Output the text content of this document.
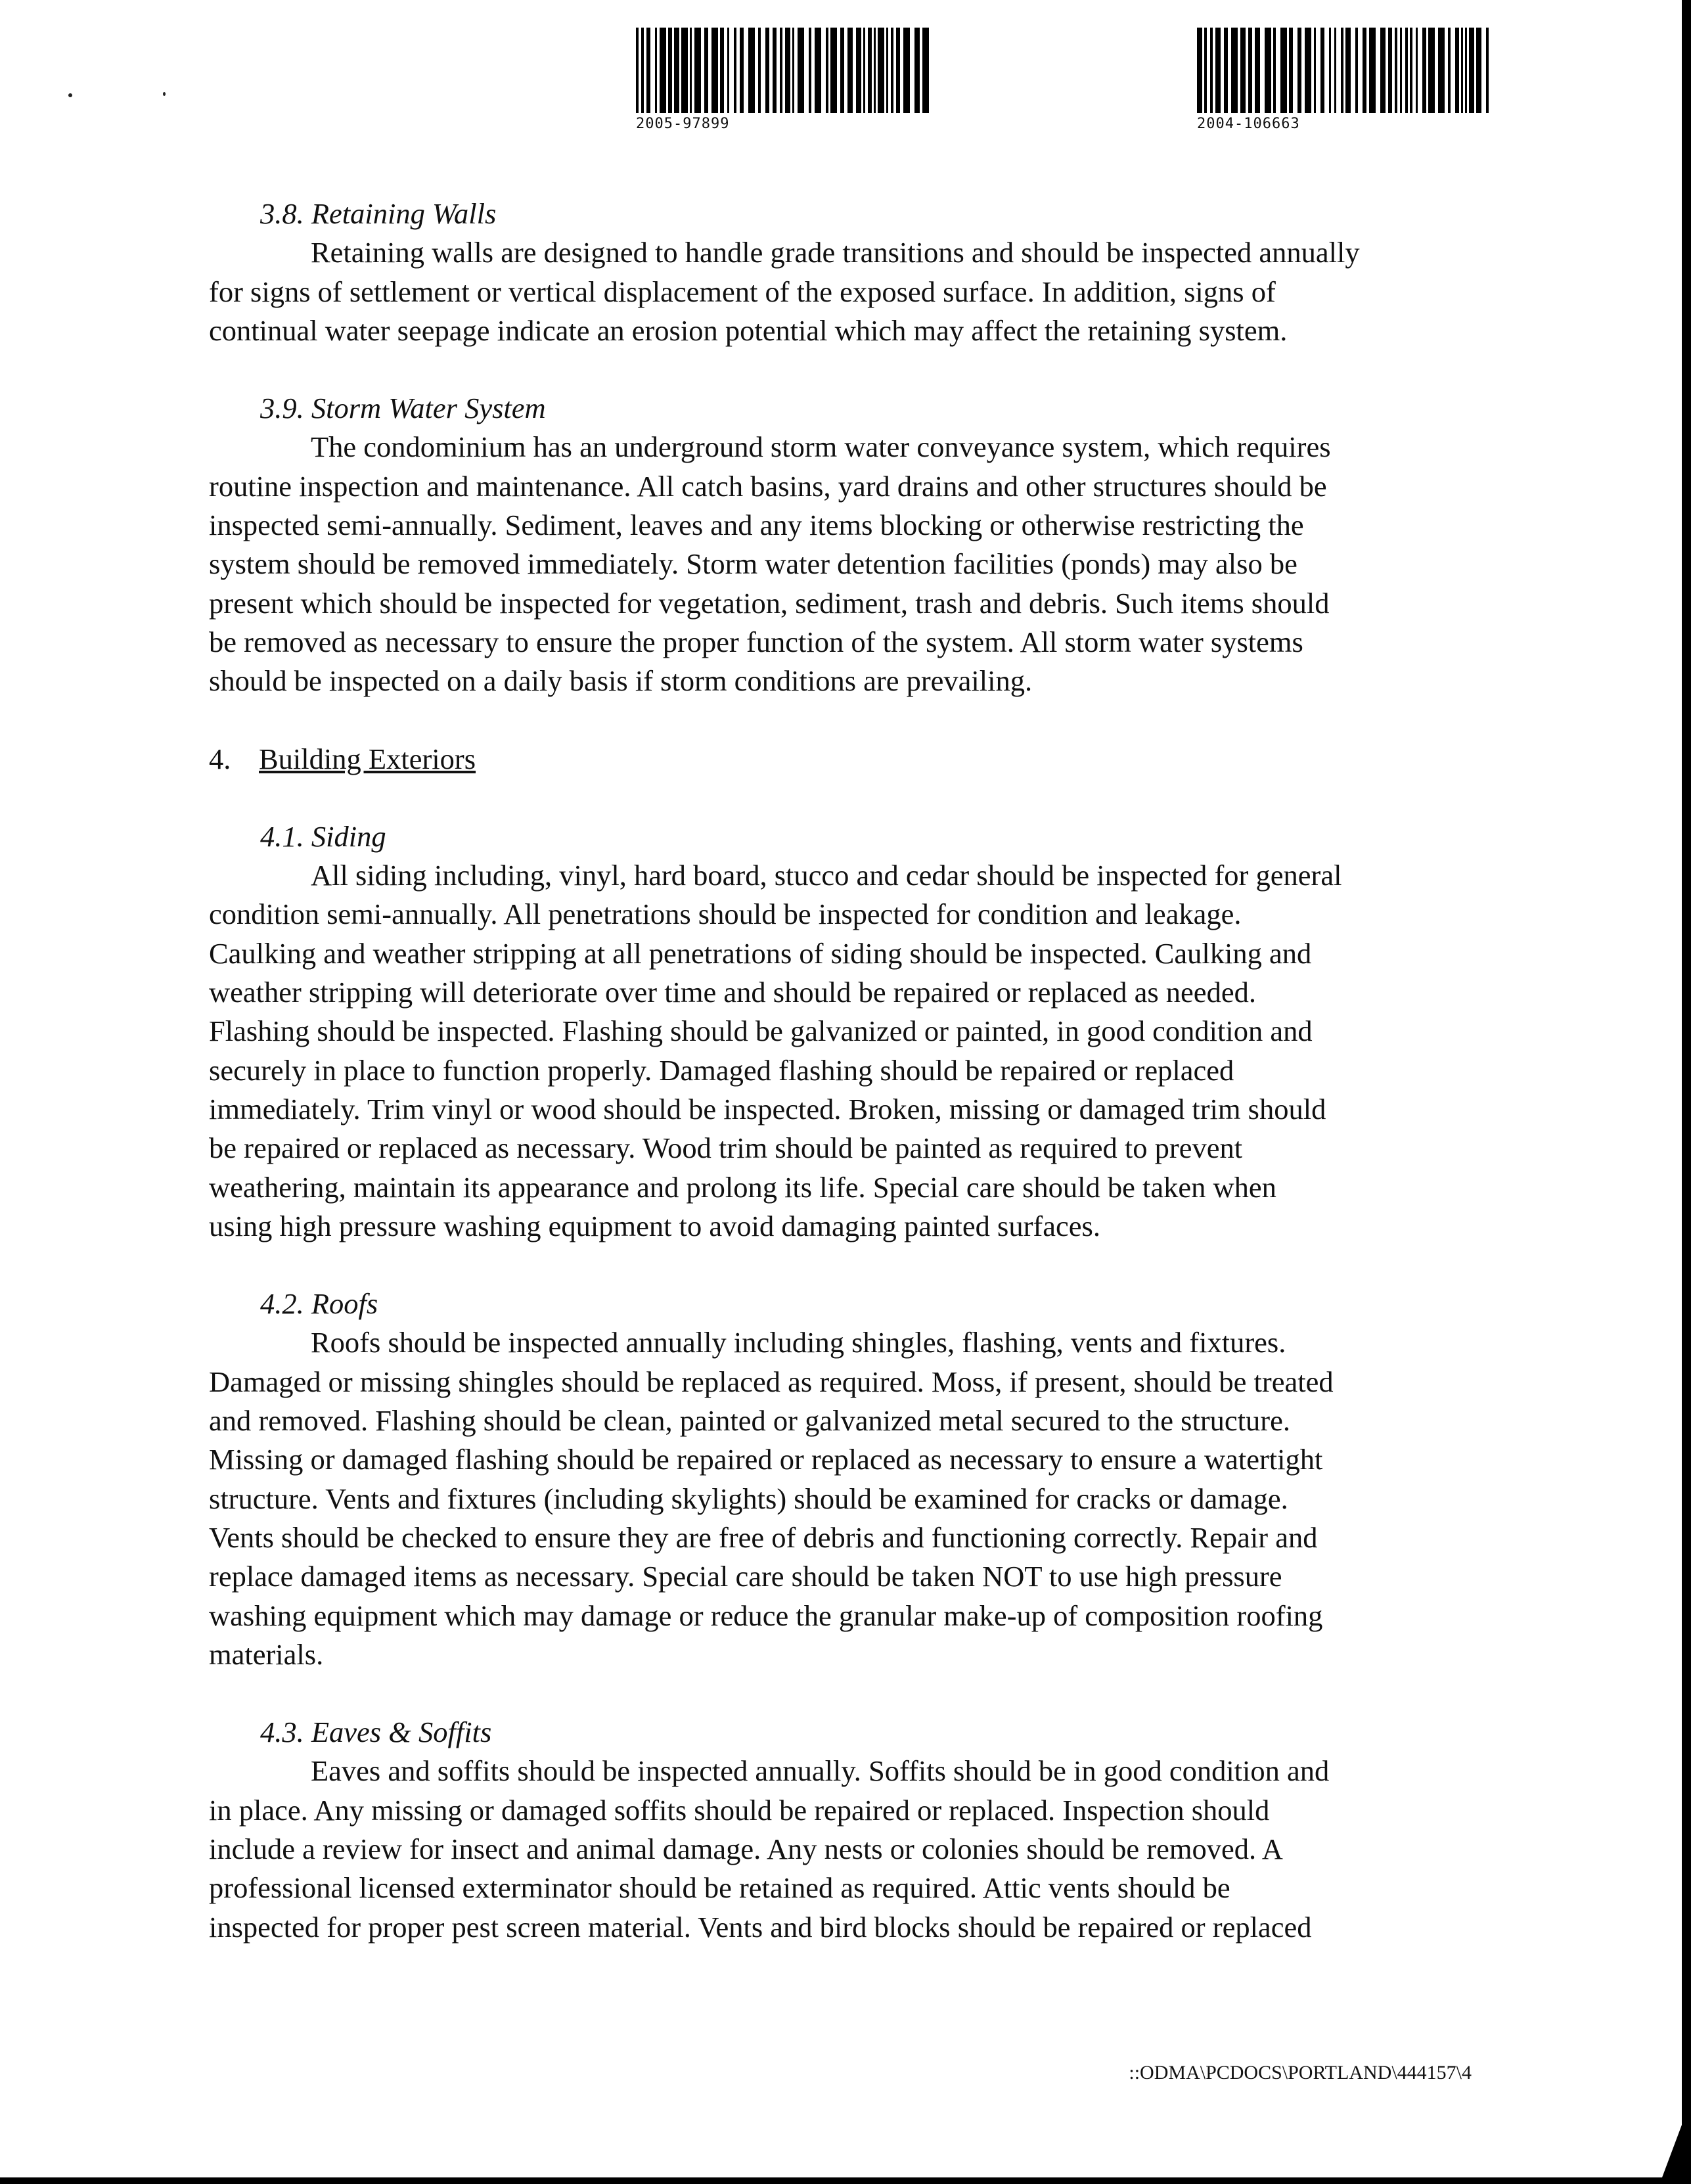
2005-97899	2004-106663
3.8. Retaining Walls

Retaining walls are designed to handle grade transitions and should be inspected annually
for signs of settlement or vertical displacement of the exposed surface. In addition, signs of
continual water seepage indicate an erosion potential which may affect the retaining system.

3.9. Storm Water System

The condominium has an underground storm water conveyance system, which requires
routine inspection and maintenance. All catch basins, yard drains and other structures should be
inspected semi-annually. Sediment, leaves and any items blocking or otherwise restricting the
system should be removed immediately. Storm water detention facilities (ponds) may also be
present which should be inspected for vegetation, sediment, trash and debris. Such items should
be removed as necessary to ensure the proper function of the system. All storm water systems
should be inspected on a daily basis if storm conditions are prevailing.

4. Building Exteriors
4.1. Siding

All siding including, vinyl, hard board, stucco and cedar should be inspected for general
condition semi-annually. All penetrations should be inspected for condition and leakage.
Caulking and weather stripping at all penetrations of siding should be inspected. Caulking and
weather stripping will deteriorate over time and should be repaired or replaced as needed.
Flashing should be inspected. Flashing should be galvanized or painted, in good condition and
securely in place to function properly. Damaged flashing should be repaired or replaced
immediately. Trim vinyl or wood should be inspected. Broken, missing or damaged trim should
be repaired or replaced as necessary. Wood trim should be painted as required to prevent
weathering, maintain its appearance and prolong its life. Special care should be taken when
using high pressure washing equipment to avoid damaging painted surfaces.

4.2. Roofs

Roofs should be inspected annually including shingles, flashing, vents and fixtures.
Damaged or missing shingles should be replaced as required. Moss, if present, should be treated
and removed. Flashing should be clean, painted or galvanized metal secured to the structure.
Missing or damaged flashing should be repaired or replaced as necessary to ensure a watertight
structure. Vents and fixtures (including skylights) should be examined for cracks or damage.
Vents should be checked to ensure they are free of debris and functioning correctly. Repair and
replace damaged items as necessary. Special care should be taken NOT to use high pressure
washing equipment which may damage or reduce the granular make-up of composition roofing
materials.

4.3. Eaves & Soffits

Eaves and soffits should be inspected annually. Soffits should be in good condition and
in place. Any missing or damaged soffits should be repaired or replaced. Inspection should
include a review for insect and animal damage. Any nests or colonies should be removed. A
professional licensed exterminator should be retained as required. Attic vents should be
inspected for proper pest screen material. Vents and bird blocks should be repaired or replaced

::ODMA\PCDOCS\PORTLAND\444157\4
